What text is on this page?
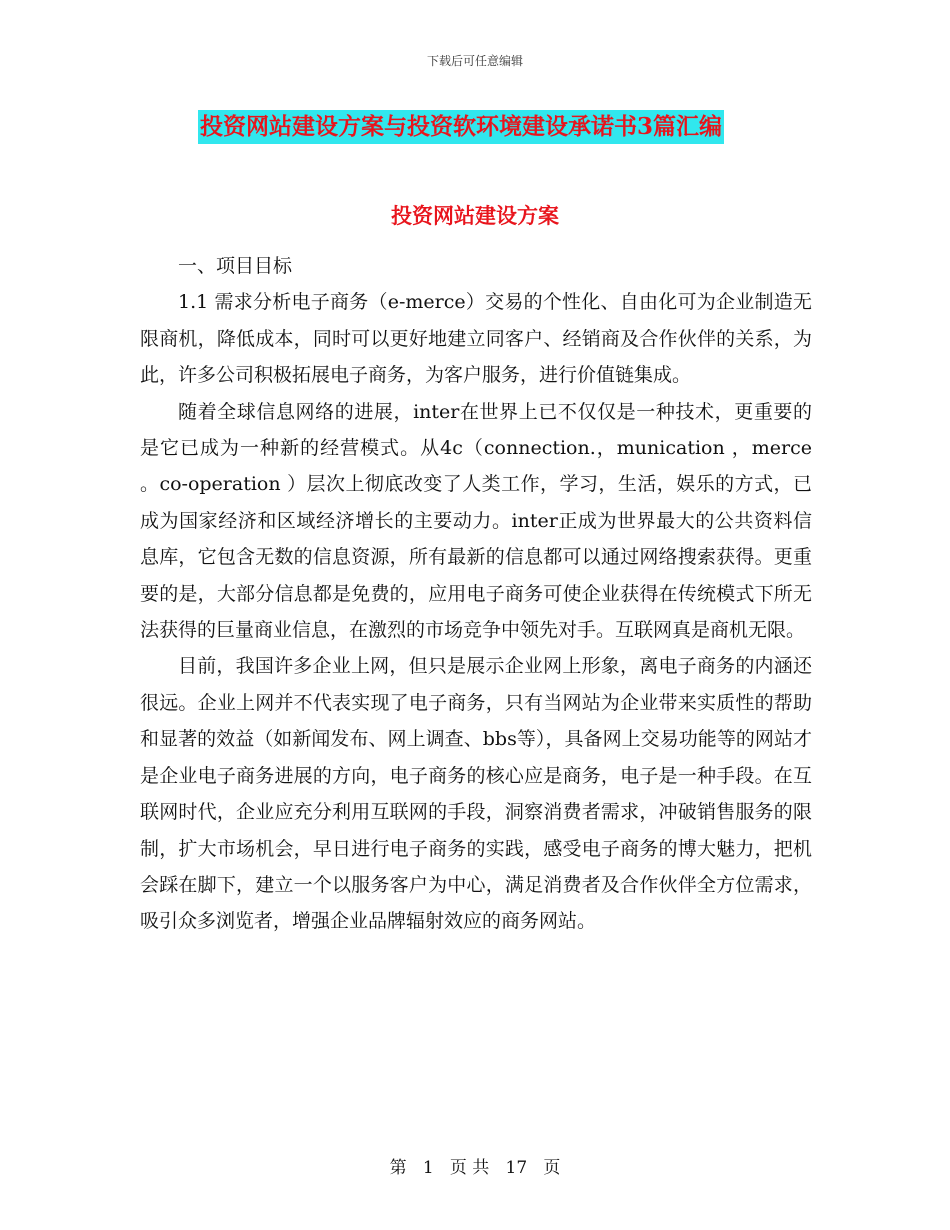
下载后可任意编辑
投资网站建设方案与投资软环境建设承诺书3篇汇编
投资网站建设方案

一、项目目标

1.1 需求分析电子商务（e-merce）交易的个性化、自由化可为企业制造无限商机，降低成本，同时可以更好地建立同客户、经销商及合作伙伴的关系，为此，许多公司积极拓展电子商务，为客户服务，进行价值链集成。

随着全球信息网络的进展，inter在世界上已不仅仅是一种技术，更重要的是它已成为一种新的经营模式。从4c（connection.，munication ，merce 。co-operation ）层次上彻底改变了人类工作，学习，生活，娱乐的方式，已成为国家经济和区域经济增长的主要动力。inter正成为世界最大的公共资料信息库，它包含无数的信息资源，所有最新的信息都可以通过网络搜索获得。更重要的是，大部分信息都是免费的，应用电子商务可使企业获得在传统模式下所无法获得的巨量商业信息，在激烈的市场竞争中领先对手。互联网真是商机无限。

目前，我国许多企业上网，但只是展示企业网上形象，离电子商务的内涵还很远。企业上网并不代表实现了电子商务，只有当网站为企业带来实质性的帮助和显著的效益（如新闻发布、网上调查、bbs等），具备网上交易功能等的网站才是企业电子商务进展的方向，电子商务的核心应是商务，电子是一种手段。在互联网时代，企业应充分利用互联网的手段，洞察消费者需求，冲破销售服务的限制，扩大市场机会，早日进行电子商务的实践，感受电子商务的博大魅力，把机会踩在脚下，建立一个以服务客户为中心，满足消费者及合作伙伴全方位需求，吸引众多浏览者，增强企业品牌辐射效应的商务网站。

第 1 页 共 17 页
